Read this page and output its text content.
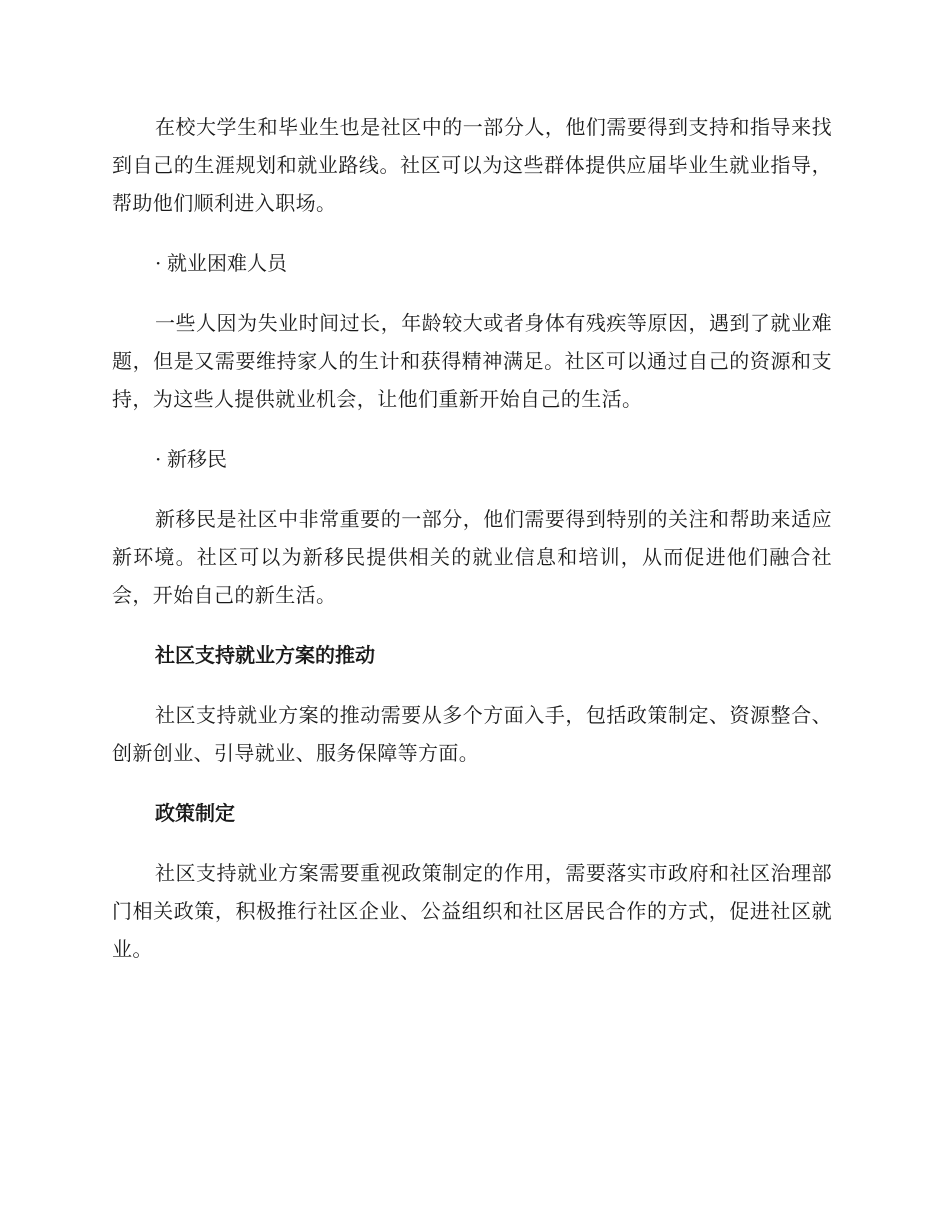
在校大学生和毕业生也是社区中的一部分人，他们需要得到支持和指导来找到自己的生涯规划和就业路线。社区可以为这些群体提供应届毕业生就业指导，帮助他们顺利进入职场。

· 就业困难人员

一些人因为失业时间过长，年龄较大或者身体有残疾等原因，遇到了就业难题，但是又需要维持家人的生计和获得精神满足。社区可以通过自己的资源和支持，为这些人提供就业机会，让他们重新开始自己的生活。

· 新移民

新移民是社区中非常重要的一部分，他们需要得到特别的关注和帮助来适应新环境。社区可以为新移民提供相关的就业信息和培训，从而促进他们融合社会，开始自己的新生活。

社区支持就业方案的推动

社区支持就业方案的推动需要从多个方面入手，包括政策制定、资源整合、创新创业、引导就业、服务保障等方面。

政策制定

社区支持就业方案需要重视政策制定的作用，需要落实市政府和社区治理部门相关政策，积极推行社区企业、公益组织和社区居民合作的方式，促进社区就业。
